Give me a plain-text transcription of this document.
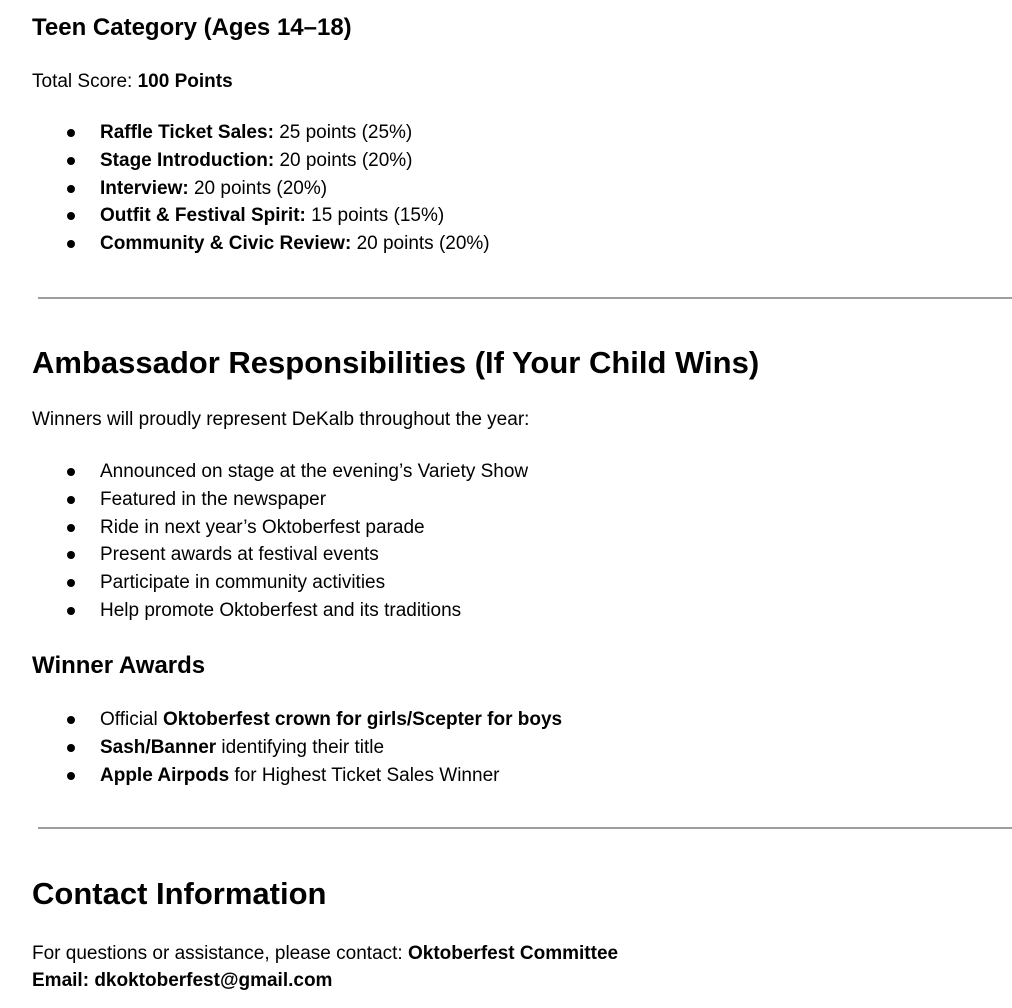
Teen Category (Ages 14–18)

Total Score: 100 Points

Raffle Ticket Sales: 25 points (25%)
Stage Introduction: 20 points (20%)
Interview: 20 points (20%)
Outfit & Festival Spirit: 15 points (15%)
Community & Civic Review: 20 points (20%)
Ambassador Responsibilities (If Your Child Wins)

Winners will proudly represent DeKalb throughout the year:

Announced on stage at the evening’s Variety Show
Featured in the newspaper
Ride in next year’s Oktoberfest parade
Present awards at festival events
Participate in community activities
Help promote Oktoberfest and its traditions
Winner Awards
Official Oktoberfest crown for girls/Scepter for boys
Sash/Banner identifying their title
Apple Airpods for Highest Ticket Sales Winner
Contact Information

For questions or assistance, please contact: Oktoberfest Committee

Email: dkoktoberfest@gmail.com
